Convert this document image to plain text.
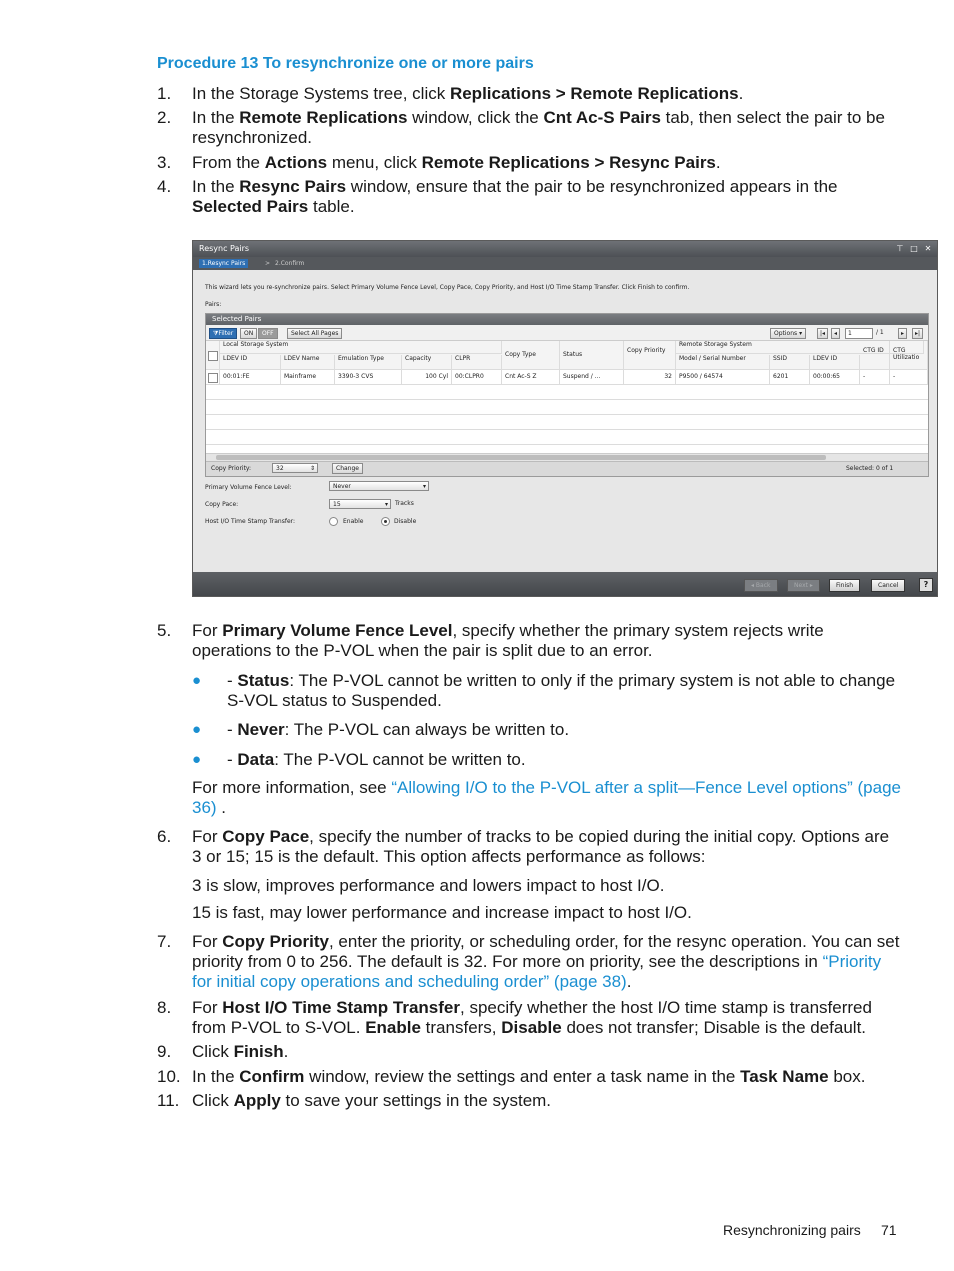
Procedure 13 To resynchronize one or more pairs
1.	In the Storage Systems tree, click Replications > Remote Replications.
2.	In the Remote Replications window, click the Cnt Ac-S Pairs tab, then select the pair to be resynchronized.
3.	From the Actions menu, click Remote Replications > Resync Pairs.
4.	In the Resync Pairs window, ensure that the pair to be resynchronized appears in the Selected Pairs table.
Resync Pairs	⊤ □ ✕
1.Resync Pairs	> 2.Confirm
This wizard lets you re-synchronize pairs. Select Primary Volume Fence Level, Copy Pace, Copy Priority, and Host I/O Time Stamp Transfer. Click Finish to confirm.
Pairs:
Selected Pairs
⧩Filter	ON	OFF	Select All Pages	Options ▾	|◂	◂	1	/ 1	▸	▸|
Local Storage System
LDEV ID	LDEV Name	Emulation Type	Capacity	CLPR
Copy Type	Status
Copy Priority
Remote Storage System
Model / Serial Number	SSID	LDEV ID
CTG ID	CTG Utilizatio
00:01:FE	Mainframe	3390-3 CVS	100 Cyl	00:CLPR0	Cnt Ac-S Z	Suspend / ...	32	P9500 / 64574	6201	00:00:65	-	-
Copy Priority:	32	⇕	Change	Selected: 0 of 1
Primary Volume Fence Level:	Never	▾
Copy Pace:	15	▾ Tracks
Host I/O Time Stamp Transfer:	Enable	Disable
◂ Back	Next ▸	Finish	Cancel	?
5.	For Primary Volume Fence Level, specify whether the primary system rejects write operations to the P-VOL when the pair is split due to an error.
● - Status: The P-VOL cannot be written to only if the primary system is not able to change S-VOL status to Suspended.
● - Never: The P-VOL can always be written to.
● - Data: The P-VOL cannot be written to.
For more information, see “Allowing I/O to the P-VOL after a split—Fence Level options” (page 36) .
6.	For Copy Pace, specify the number of tracks to be copied during the initial copy. Options are 3 or 15; 15 is the default. This option affects performance as follows:
3 is slow, improves performance and lowers impact to host I/O.
15 is fast, may lower performance and increase impact to host I/O.
7.	For Copy Priority, enter the priority, or scheduling order, for the resync operation. You can set priority from 0 to 256. The default is 32. For more on priority, see the descriptions in “Priority for initial copy operations and scheduling order” (page 38).
8.	For Host I/O Time Stamp Transfer, specify whether the host I/O time stamp is transferred from P-VOL to S-VOL. Enable transfers, Disable does not transfer; Disable is the default.
9.	Click Finish.
10. In the Confirm window, review the settings and enter a task name in the Task Name box.
11. Click Apply to save your settings in the system.
Resynchronizing pairs 71
